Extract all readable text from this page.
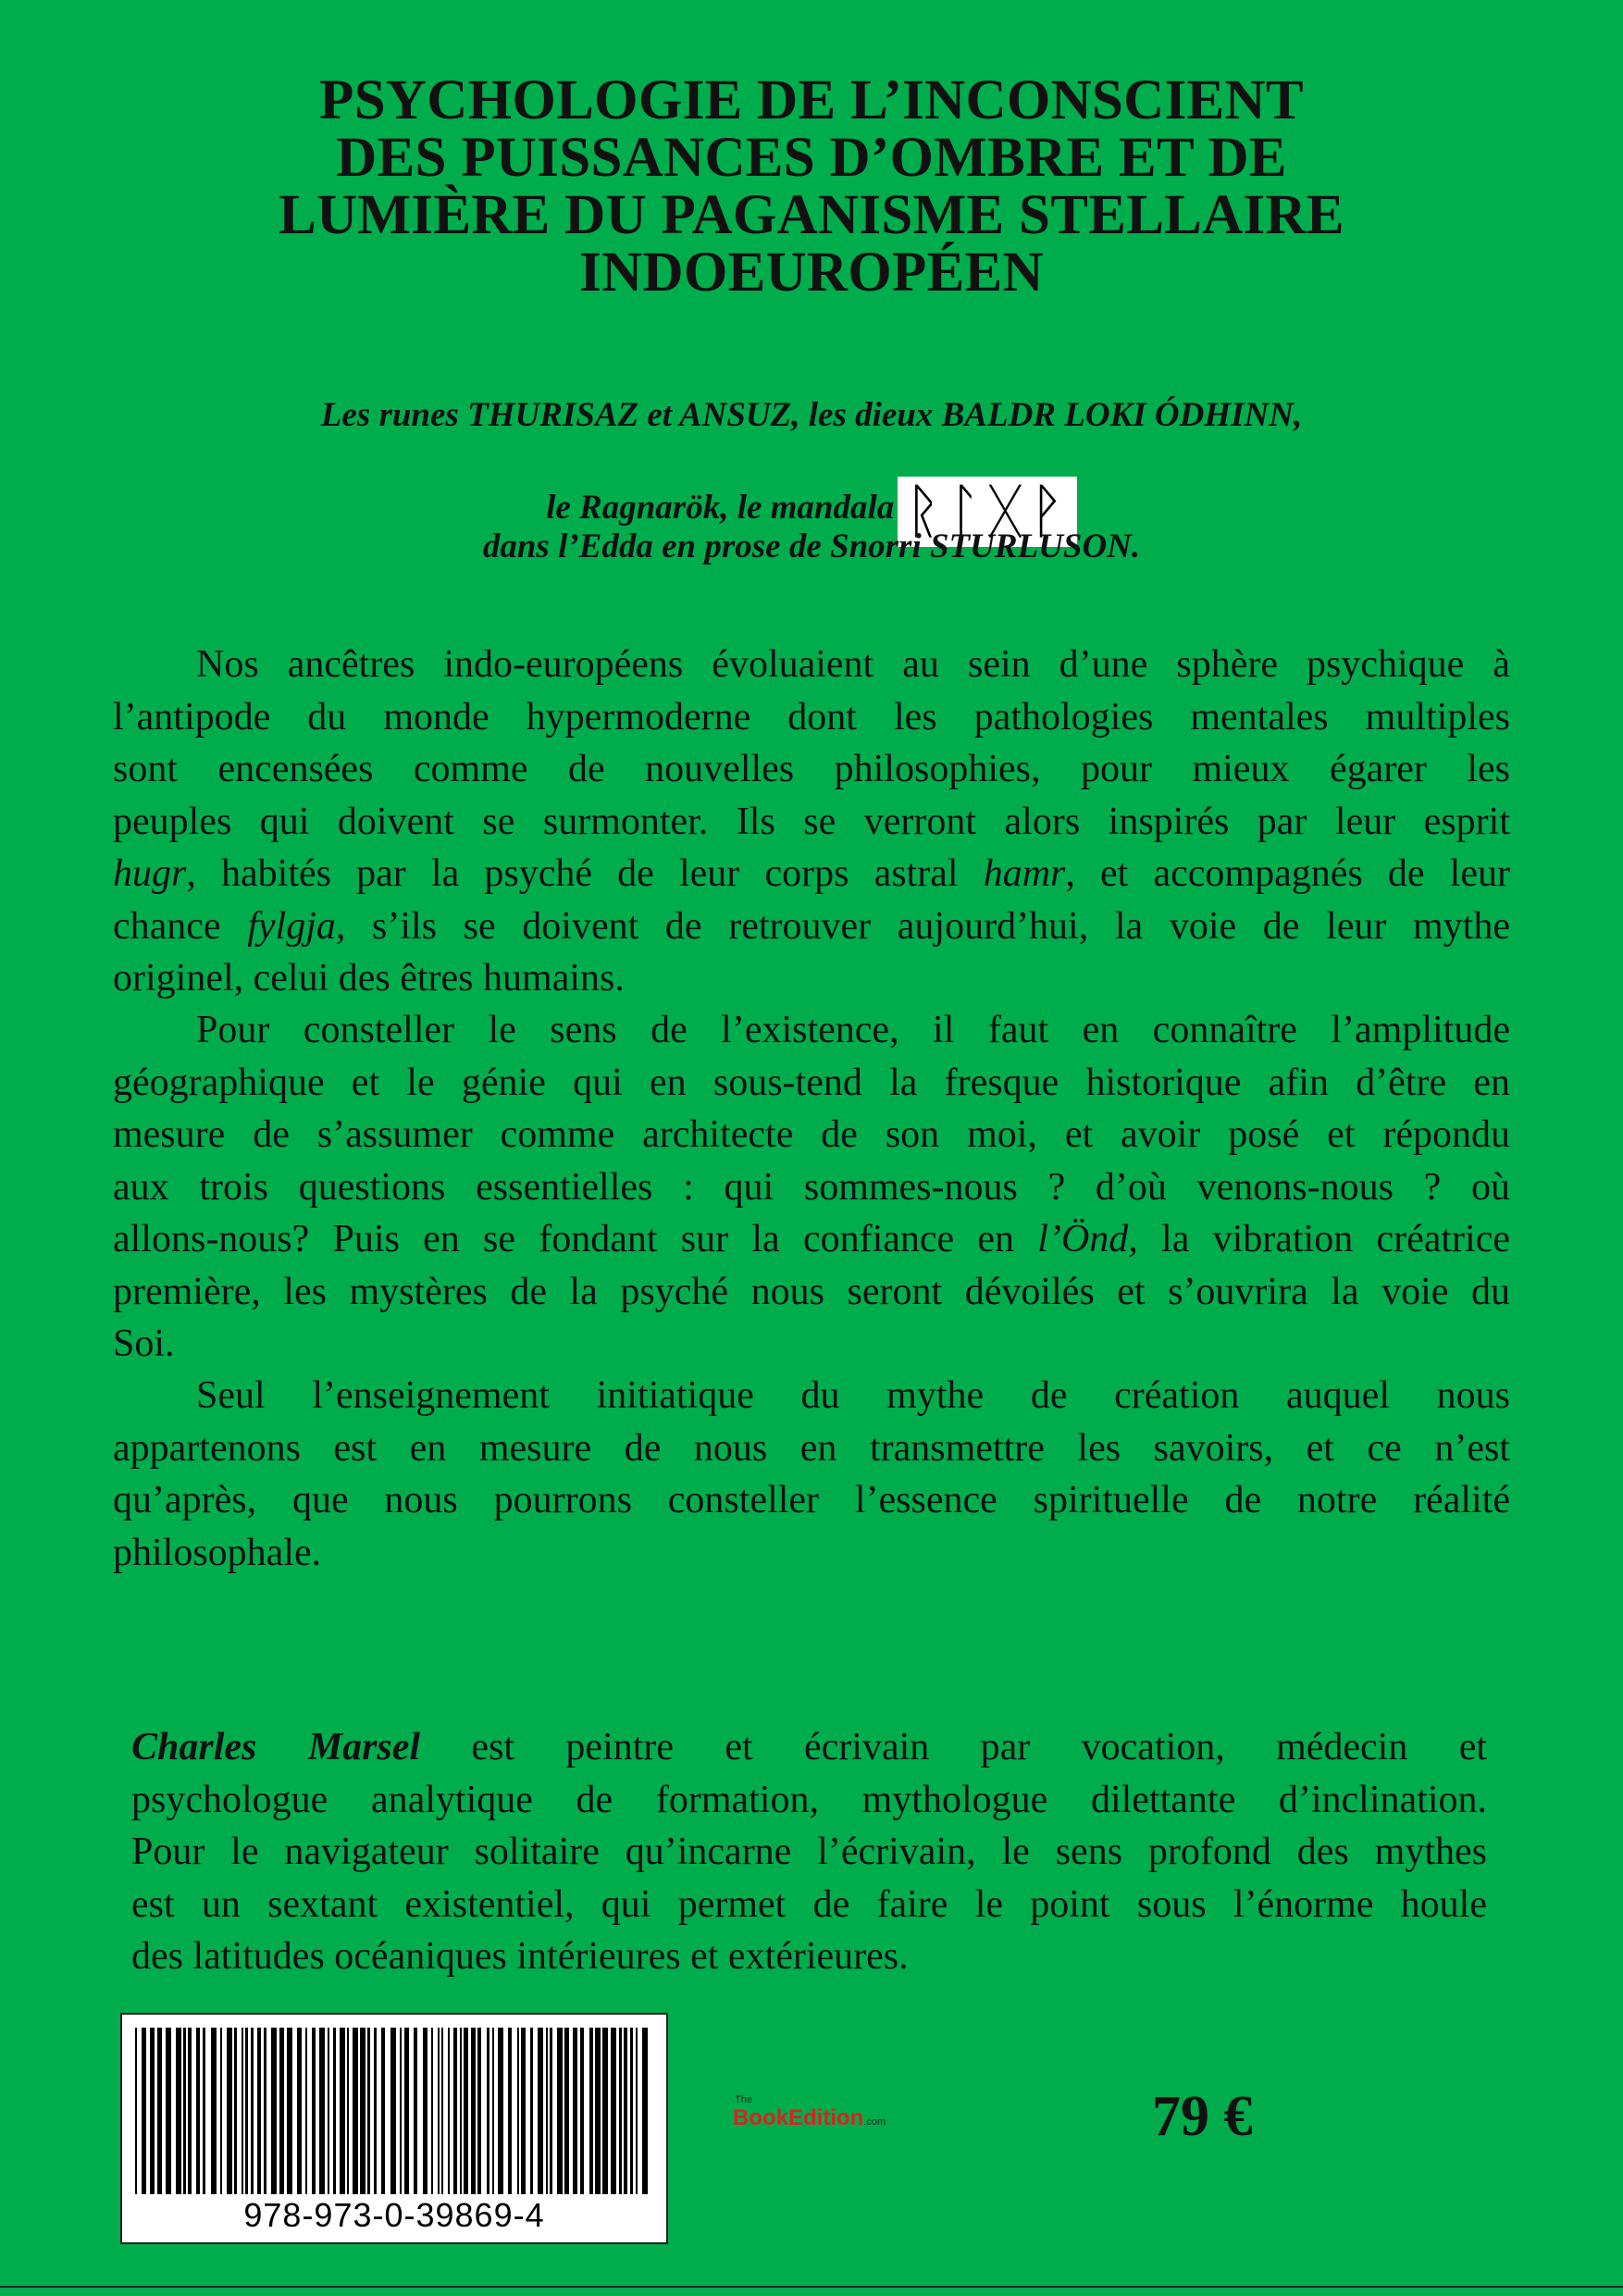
PSYCHOLOGIE DE L’INCONSCIENT
DES PUISSANCES D’OMBRE ET DE
LUMIÈRE DU PAGANISME STELLAIRE
INDOEUROPÉEN
Les runes THURISAZ et ANSUZ, les dieux BALDR LOKI ÓDHINN,
le Ragnarök, le mandala ᚱᛚᚷᚹ
dans l’Edda en prose de Snorri STURLUSON.
Nos ancêtres indo-européens évoluaient au sein d’une sphère psychique à
l’antipode du monde hypermoderne dont les pathologies mentales multiples
sont encensées comme de nouvelles philosophies, pour mieux égarer les
peuples qui doivent se surmonter. Ils se verront alors inspirés par leur esprit
hugr, habités par la psyché de leur corps astral hamr, et accompagnés de leur
chance fylgja, s’ils se doivent de retrouver aujourd’hui, la voie de leur mythe
originel, celui des êtres humains.
Pour consteller le sens de l’existence, il faut en connaître l’amplitude
géographique et le génie qui en sous-tend la fresque historique afin d’être en
mesure de s’assumer comme architecte de son moi, et avoir posé et répondu
aux trois questions essentielles : qui sommes-nous ? d’où venons-nous ? où
allons-nous? Puis en se fondant sur la confiance en l’Önd, la vibration créatrice
première, les mystères de la psyché nous seront dévoilés et s’ouvrira la voie du
Soi.
Seul l’enseignement initiatique du mythe de création auquel nous
appartenons est en mesure de nous en transmettre les savoirs, et ce n’est
qu’après, que nous pourrons consteller l’essence spirituelle de notre réalité
philosophale.
Charles Marsel est peintre et écrivain par vocation, médecin et
psychologue analytique de formation, mythologue dilettante d’inclination.
Pour le navigateur solitaire qu’incarne l’écrivain, le sens profond des mythes
est un sextant existentiel, qui permet de faire le point sous l’énorme houle
des latitudes océaniques intérieures et extérieures.
978-973-0-39869-4
The
BookEdition.com	79 €
